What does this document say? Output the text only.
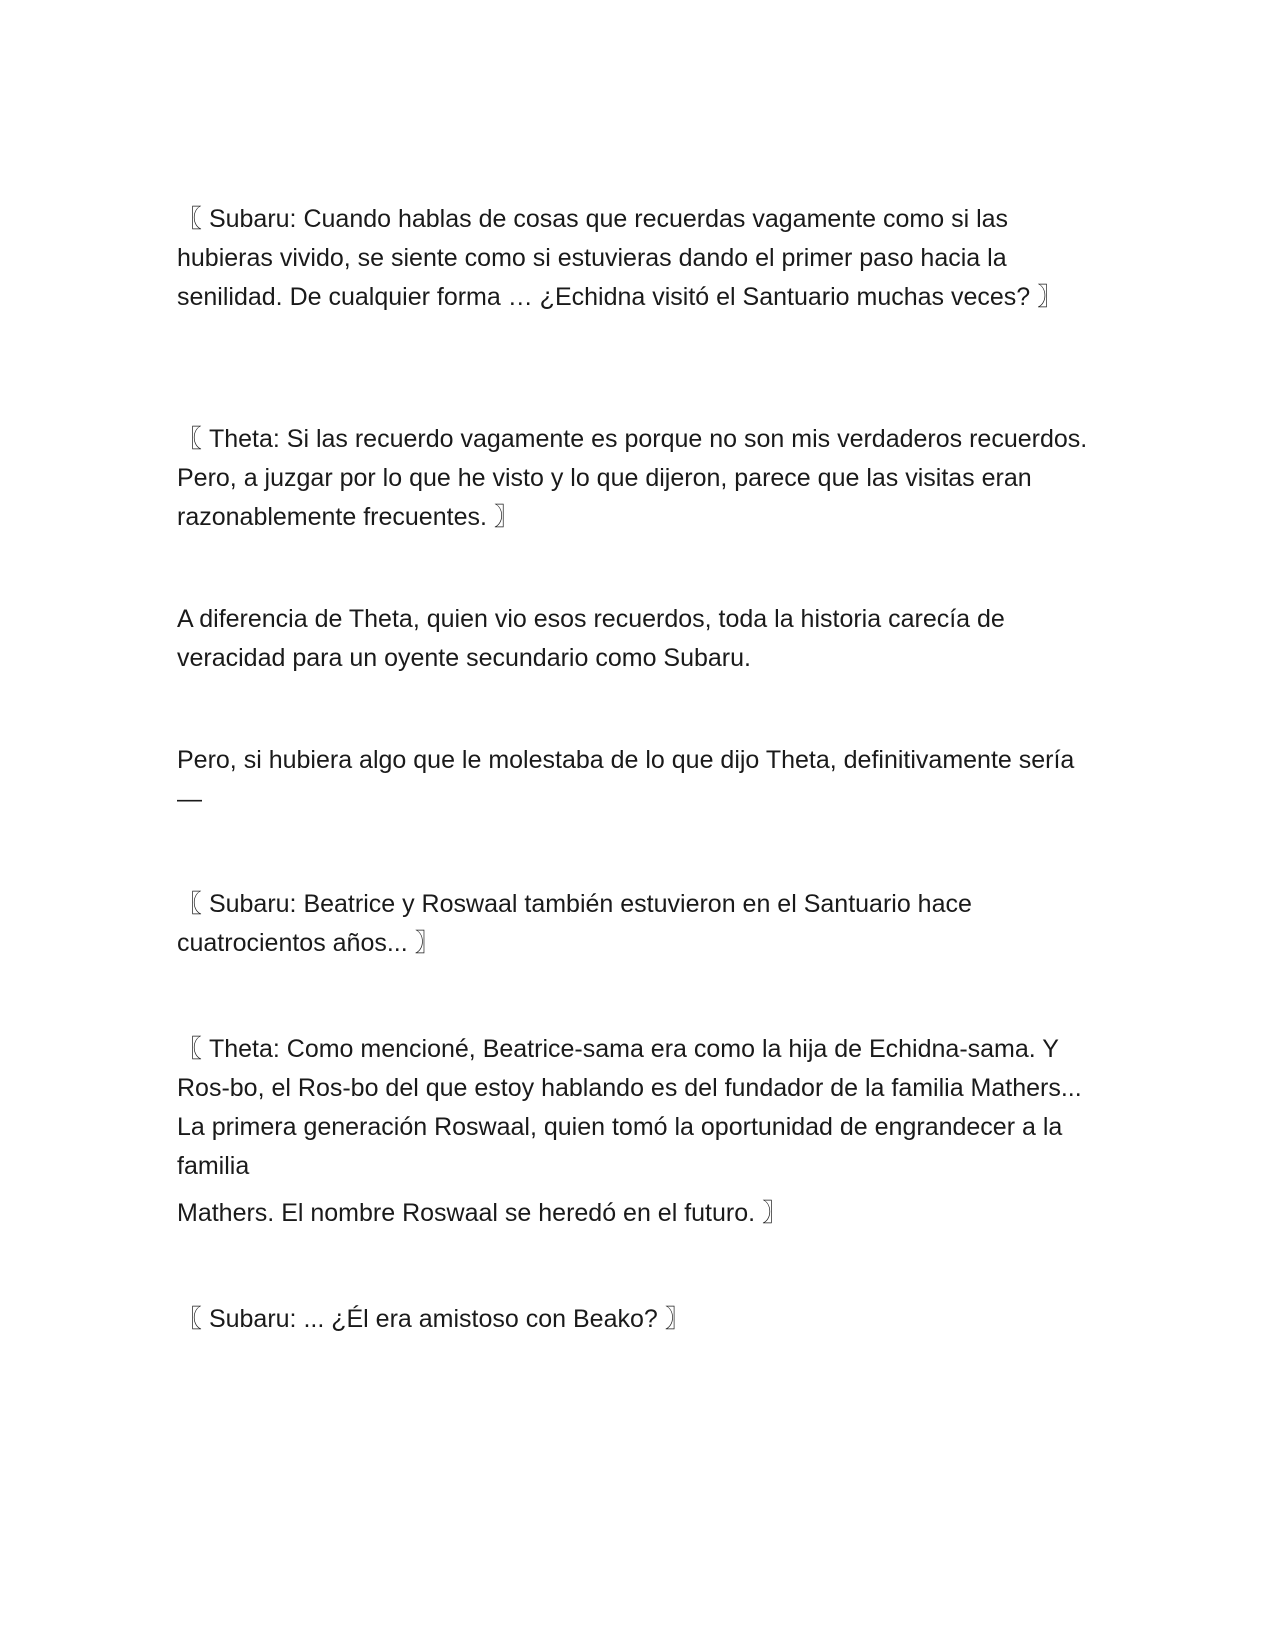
〖 Subaru: Cuando hablas de cosas que recuerdas vagamente como si las hubieras vivido, se siente como si estuvieras dando el primer paso hacia la senilidad. De cualquier forma … ¿Echidna visitó el Santuario muchas veces? 〗

〖 Theta: Si las recuerdo vagamente es porque no son mis verdaderos recuerdos. Pero, a juzgar por lo que he visto y lo que dijeron, parece que las visitas eran razonablemente frecuentes. 〗

A diferencia de Theta, quien vio esos recuerdos, toda la historia carecía de veracidad para un oyente secundario como Subaru.

Pero, si hubiera algo que le molestaba de lo que dijo Theta, definitivamente sería—

〖 Subaru: Beatrice y Roswaal también estuvieron en el Santuario hace cuatrocientos años... 〗

〖 Theta: Como mencioné, Beatrice-sama era como la hija de Echidna-sama. Y Ros-bo, el Ros-bo del que estoy hablando es del fundador de la familia Mathers... La primera generación Roswaal, quien tomó la oportunidad de engrandecer a la familia

Mathers. El nombre Roswaal se heredó en el futuro. 〗

〖 Subaru: ... ¿Él era amistoso con Beako? 〗
